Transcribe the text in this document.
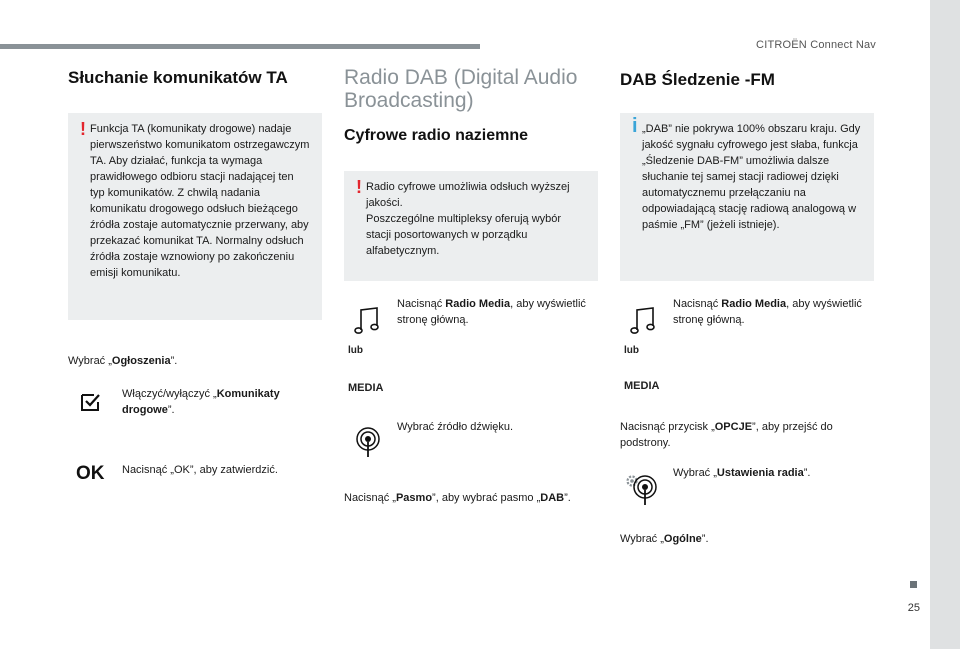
CITROËN Connect Nav
25
Słuchanie komunikatów TA
! Funkcja TA (komunikaty drogowe) nadaje pierwszeństwo komunikatom ostrzegawczym TA. Aby działać, funkcja ta wymaga prawidłowego odbioru stacji nadającej ten typ komunikatów. Z chwilą nadania komunikatu drogowego odsłuch bieżącego źródła zostaje automatycznie przerwany, aby przekazać komunikat TA. Normalny odsłuch źródła zostaje wznowiony po zakończeniu emisji komunikatu.
Wybrać „Ogłoszenia”.
Włączyć/wyłączyć „Komunikaty drogowe”.
OK Nacisnąć „OK”, aby zatwierdzić.
Radio DAB (Digital Audio Broadcasting)
Cyfrowe radio naziemne
! Radio cyfrowe umożliwia odsłuch wyższej jakości.
Poszczególne multipleksy oferują wybór stacji posortowanych w porządku alfabetycznym.
lub
MEDIA
Nacisnąć Radio Media, aby wyświetlić stronę główną.
Wybrać źródło dźwięku.
Nacisnąć „Pasmo”, aby wybrać pasmo „DAB”.
DAB Śledzenie -FM
i „DAB” nie pokrywa 100% obszaru kraju. Gdy jakość sygnału cyfrowego jest słaba, funkcja „Śledzenie DAB-FM” umożliwia dalsze słuchanie tej samej stacji radiowej dzięki automatycznemu przełączaniu na odpowiadającą stację radiową analogową w paśmie „FM” (jeżeli istnieje).
lub
MEDIA
Nacisnąć Radio Media, aby wyświetlić stronę główną.
Nacisnąć przycisk „OPCJE”, aby przejść do podstrony.
Wybrać „Ustawienia radia”.
Wybrać „Ogólne”.
